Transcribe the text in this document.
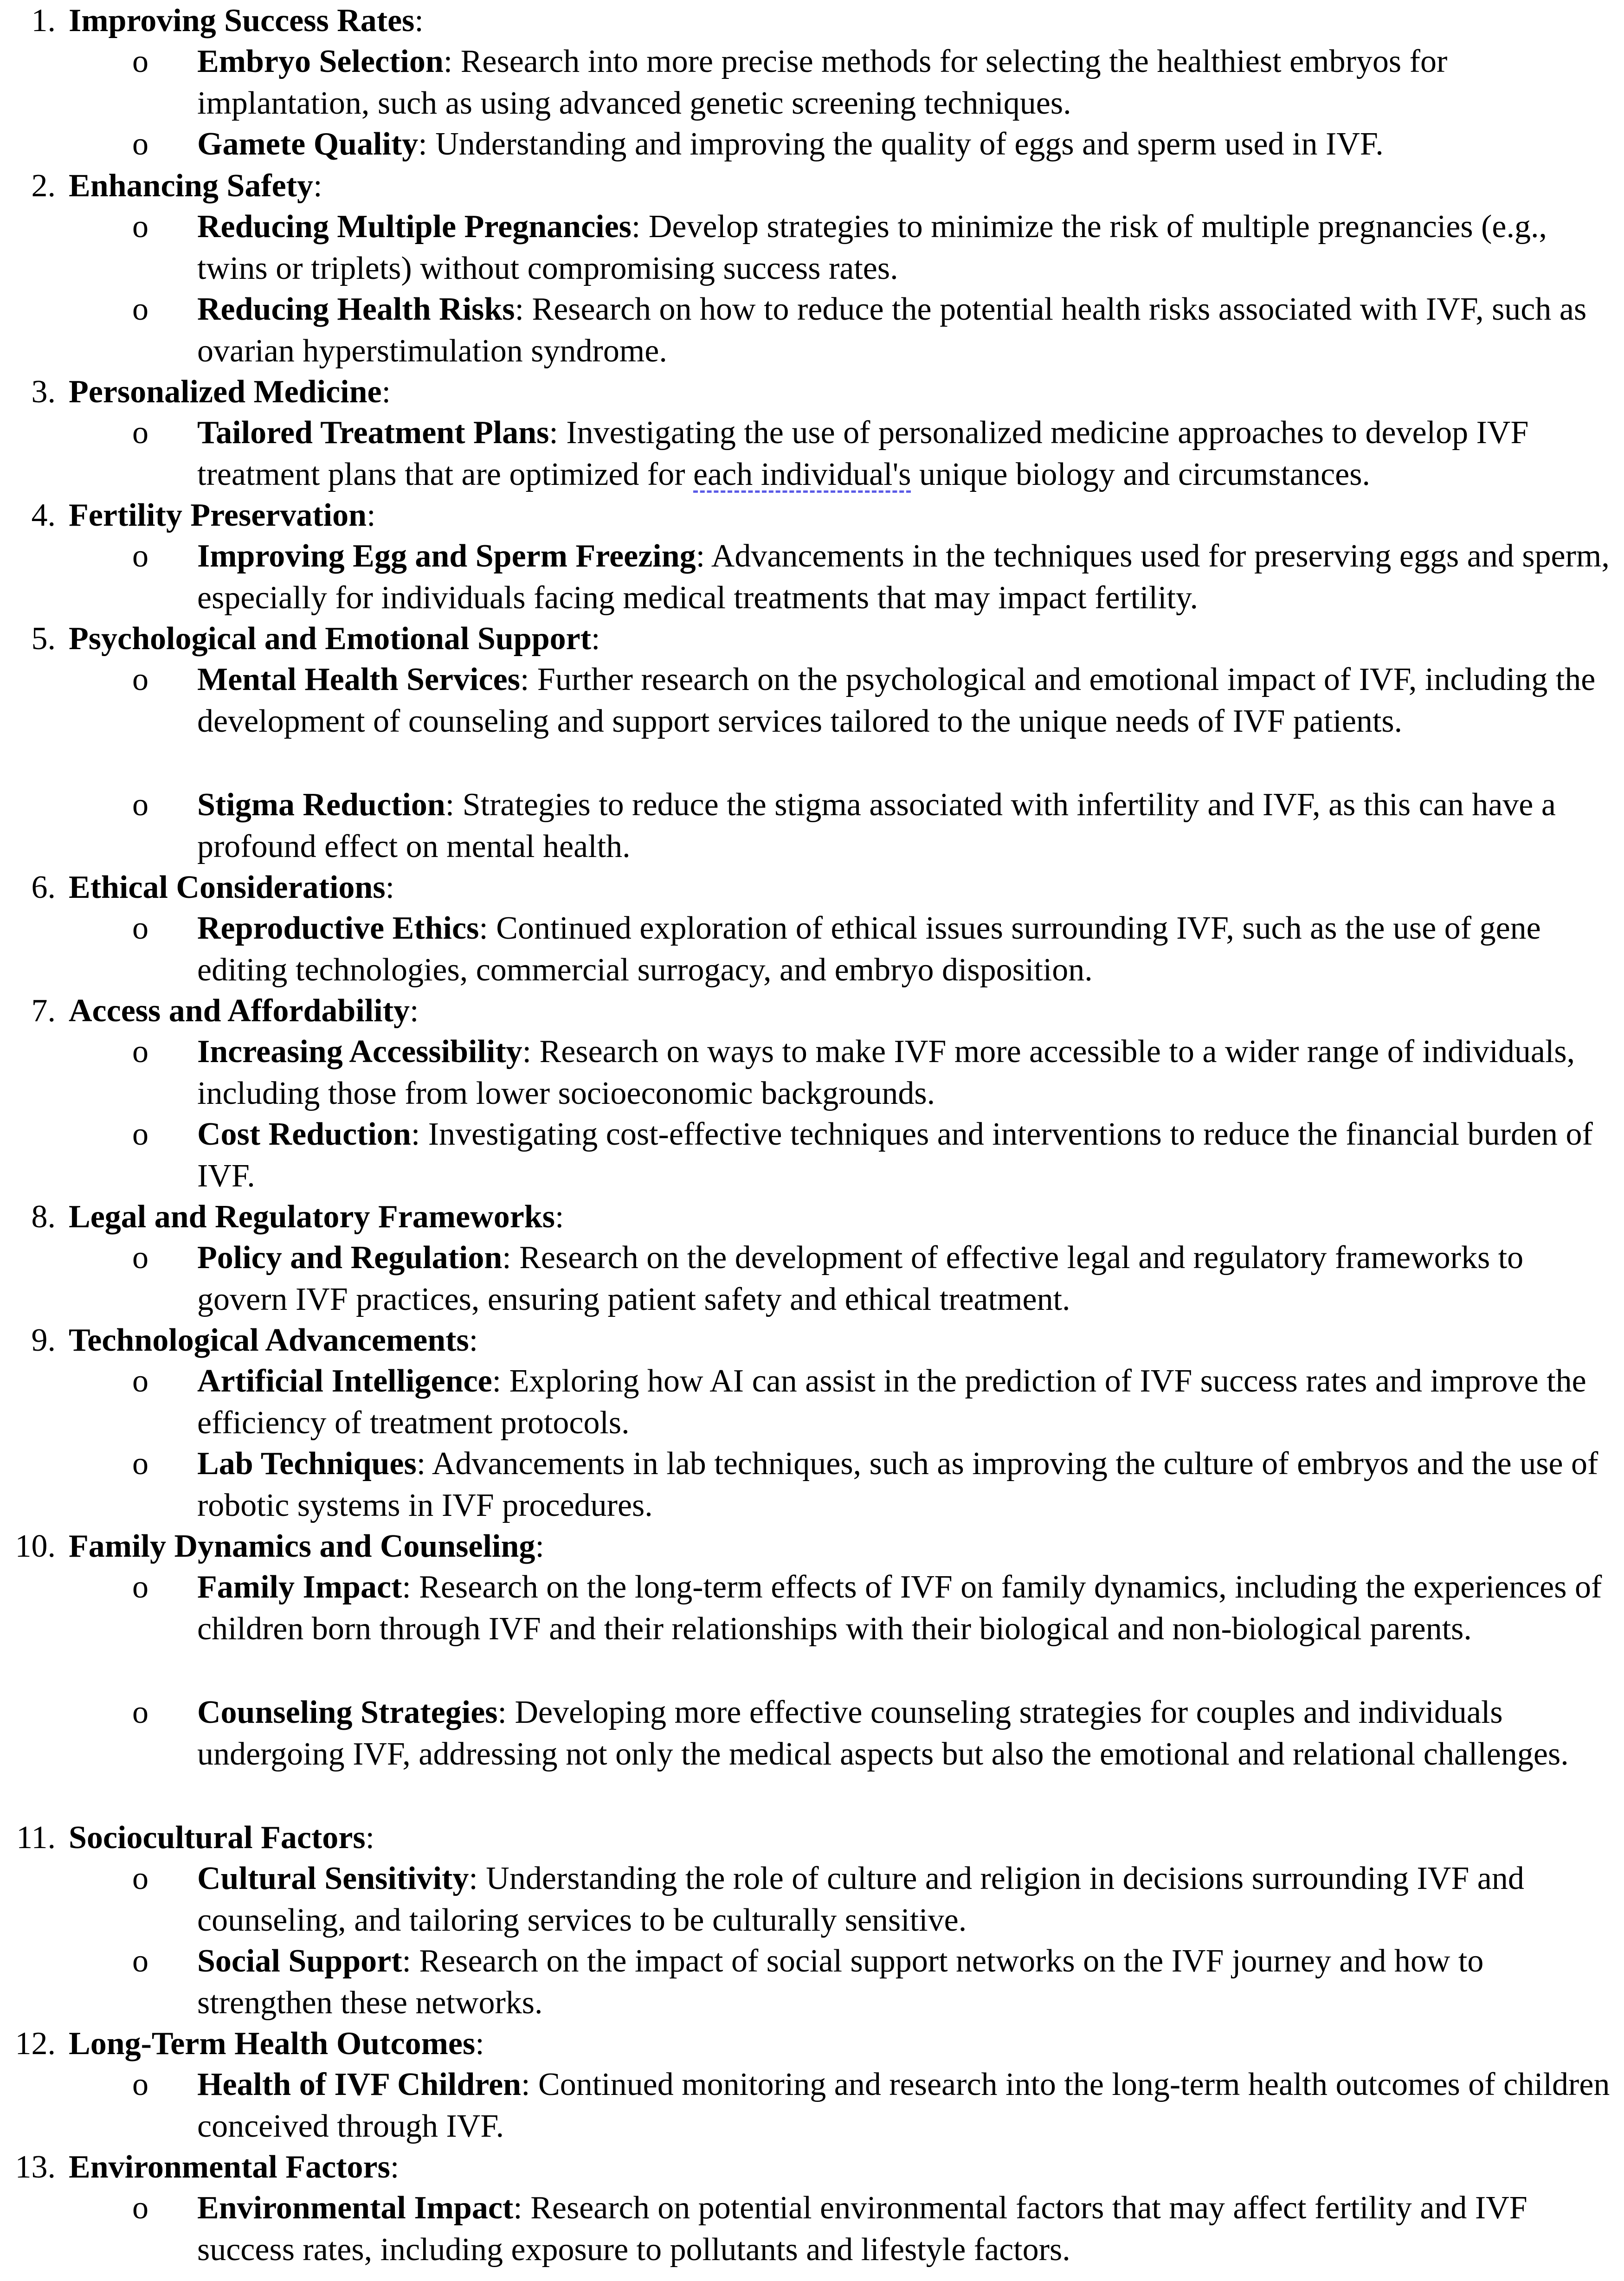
1. Improving Success Rates:
o Embryo Selection: Research into more precise methods for selecting the healthiest embryos for implantation, such as using advanced genetic screening techniques.
o Gamete Quality: Understanding and improving the quality of eggs and sperm used in IVF.
2. Enhancing Safety:
o Reducing Multiple Pregnancies: Develop strategies to minimize the risk of multiple pregnancies (e.g., twins or triplets) without compromising success rates.
o Reducing Health Risks: Research on how to reduce the potential health risks associated with IVF, such as ovarian hyperstimulation syndrome.
3. Personalized Medicine:
o Tailored Treatment Plans: Investigating the use of personalized medicine approaches to develop IVF treatment plans that are optimized for each individual's unique biology and circumstances.
4. Fertility Preservation:
o Improving Egg and Sperm Freezing: Advancements in the techniques used for preserving eggs and sperm, especially for individuals facing medical treatments that may impact fertility.
5. Psychological and Emotional Support:
o Mental Health Services: Further research on the psychological and emotional impact of IVF, including the development of counseling and support services tailored to the unique needs of IVF patients.
o Stigma Reduction: Strategies to reduce the stigma associated with infertility and IVF, as this can have a profound effect on mental health.
6. Ethical Considerations:
o Reproductive Ethics: Continued exploration of ethical issues surrounding IVF, such as the use of gene editing technologies, commercial surrogacy, and embryo disposition.
7. Access and Affordability:
o Increasing Accessibility: Research on ways to make IVF more accessible to a wider range of individuals, including those from lower socioeconomic backgrounds.
o Cost Reduction: Investigating cost-effective techniques and interventions to reduce the financial burden of IVF.
8. Legal and Regulatory Frameworks:
o Policy and Regulation: Research on the development of effective legal and regulatory frameworks to govern IVF practices, ensuring patient safety and ethical treatment.
9. Technological Advancements:
o Artificial Intelligence: Exploring how AI can assist in the prediction of IVF success rates and improve the efficiency of treatment protocols.
o Lab Techniques: Advancements in lab techniques, such as improving the culture of embryos and the use of robotic systems in IVF procedures.
10. Family Dynamics and Counseling:
o Family Impact: Research on the long-term effects of IVF on family dynamics, including the experiences of children born through IVF and their relationships with their biological and non-biological parents.
o Counseling Strategies: Developing more effective counseling strategies for couples and individuals undergoing IVF, addressing not only the medical aspects but also the emotional and relational challenges.
11. Sociocultural Factors:
o Cultural Sensitivity: Understanding the role of culture and religion in decisions surrounding IVF and counseling, and tailoring services to be culturally sensitive.
o Social Support: Research on the impact of social support networks on the IVF journey and how to strengthen these networks.
12. Long-Term Health Outcomes:
o Health of IVF Children: Continued monitoring and research into the long-term health outcomes of children conceived through IVF.
13. Environmental Factors:
o Environmental Impact: Research on potential environmental factors that may affect fertility and IVF success rates, including exposure to pollutants and lifestyle factors.
